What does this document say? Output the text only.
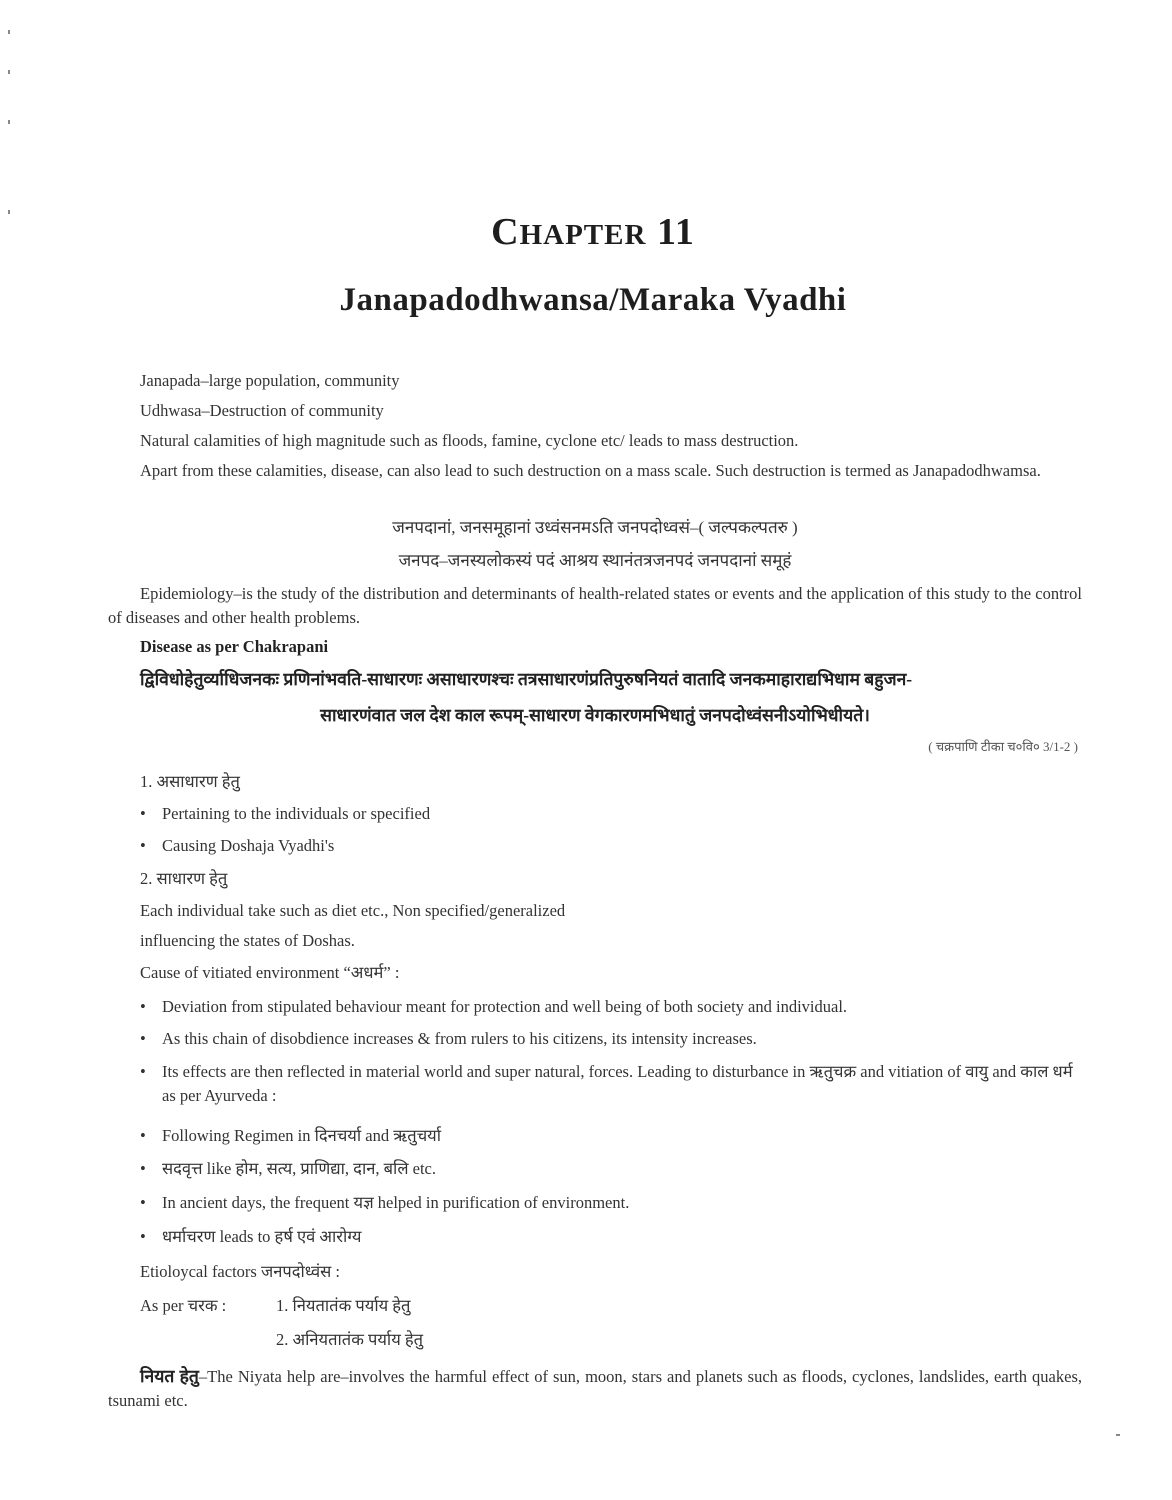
CHAPTER 11
Janapadodhwansa/Maraka Vyadhi
Janapada–large population, community
Udhwasa–Destruction of community
Natural calamities of high magnitude such as floods, famine, cyclone etc/ leads to mass destruction.
Apart from these calamities, disease, can also lead to such destruction on a mass scale. Such destruction is termed as Janapadodhwamsa.
जनपदानां, जनसमूहानां उध्वंसनमऽति जनपदोध्वसं–( जल्पकल्पतरु )
जनपद–जनस्यलोकस्यं पदं आश्रय स्थानंतत्रजनपदं जनपदानां समूहं
Epidemiology–is the study of the distribution and determinants of health-related states or events and the application of this study to the control of diseases and other health problems.
Disease as per Chakrapani
द्विविधोहेतुर्व्याधिजनकः प्रणिनांभवति-साधारणः असाधारणश्चः तत्रसाधारणंप्रतिपुरुषनियतं वातादि जनकमाहाराद्यभिधाम बहुजन-
साधारणंवात जल देश काल रूपम्-साधारण वेगकारणमभिधातुं जनपदोध्वंसनीऽयोभिधीयते।
( चक्रपाणि टीका च०वि० 3/1-2 )
1. असाधारण हेतु
• Pertaining to the individuals or specified
• Causing Doshaja Vyadhi's
2. साधारण हेतु
Each individual take such as diet etc., Non specified/generalized
influencing the states of Doshas.
Cause of vitiated environment “अधर्म” :
• Deviation from stipulated behaviour meant for protection and well being of both society and individual.
• As this chain of disobdience increases & from rulers to his citizens, its intensity increases.
• Its effects are then reflected in material world and super natural, forces. Leading to disturbance in ऋतुचक्र and vitiation of वायु and काल धर्म as per Ayurveda :
• Following Regimen in दिनचर्या and ऋतुचर्या
• सदवृत्त like होम, सत्य, प्राणिद्या, दान, बलि etc.
• In ancient days, the frequent यज्ञ helped in purification of environment.
• धर्माचरण leads to हर्ष एवं आरोग्य
Etioloycal factors जनपदोध्वंस :
As per चरक :	1. नियतातंक पर्याय हेतु
2. अनियतातंक पर्याय हेतु
नियत हेतु–The Niyata help are–involves the harmful effect of sun, moon, stars and planets such as floods, cyclones, landslides, earth quakes, tsunami etc.
